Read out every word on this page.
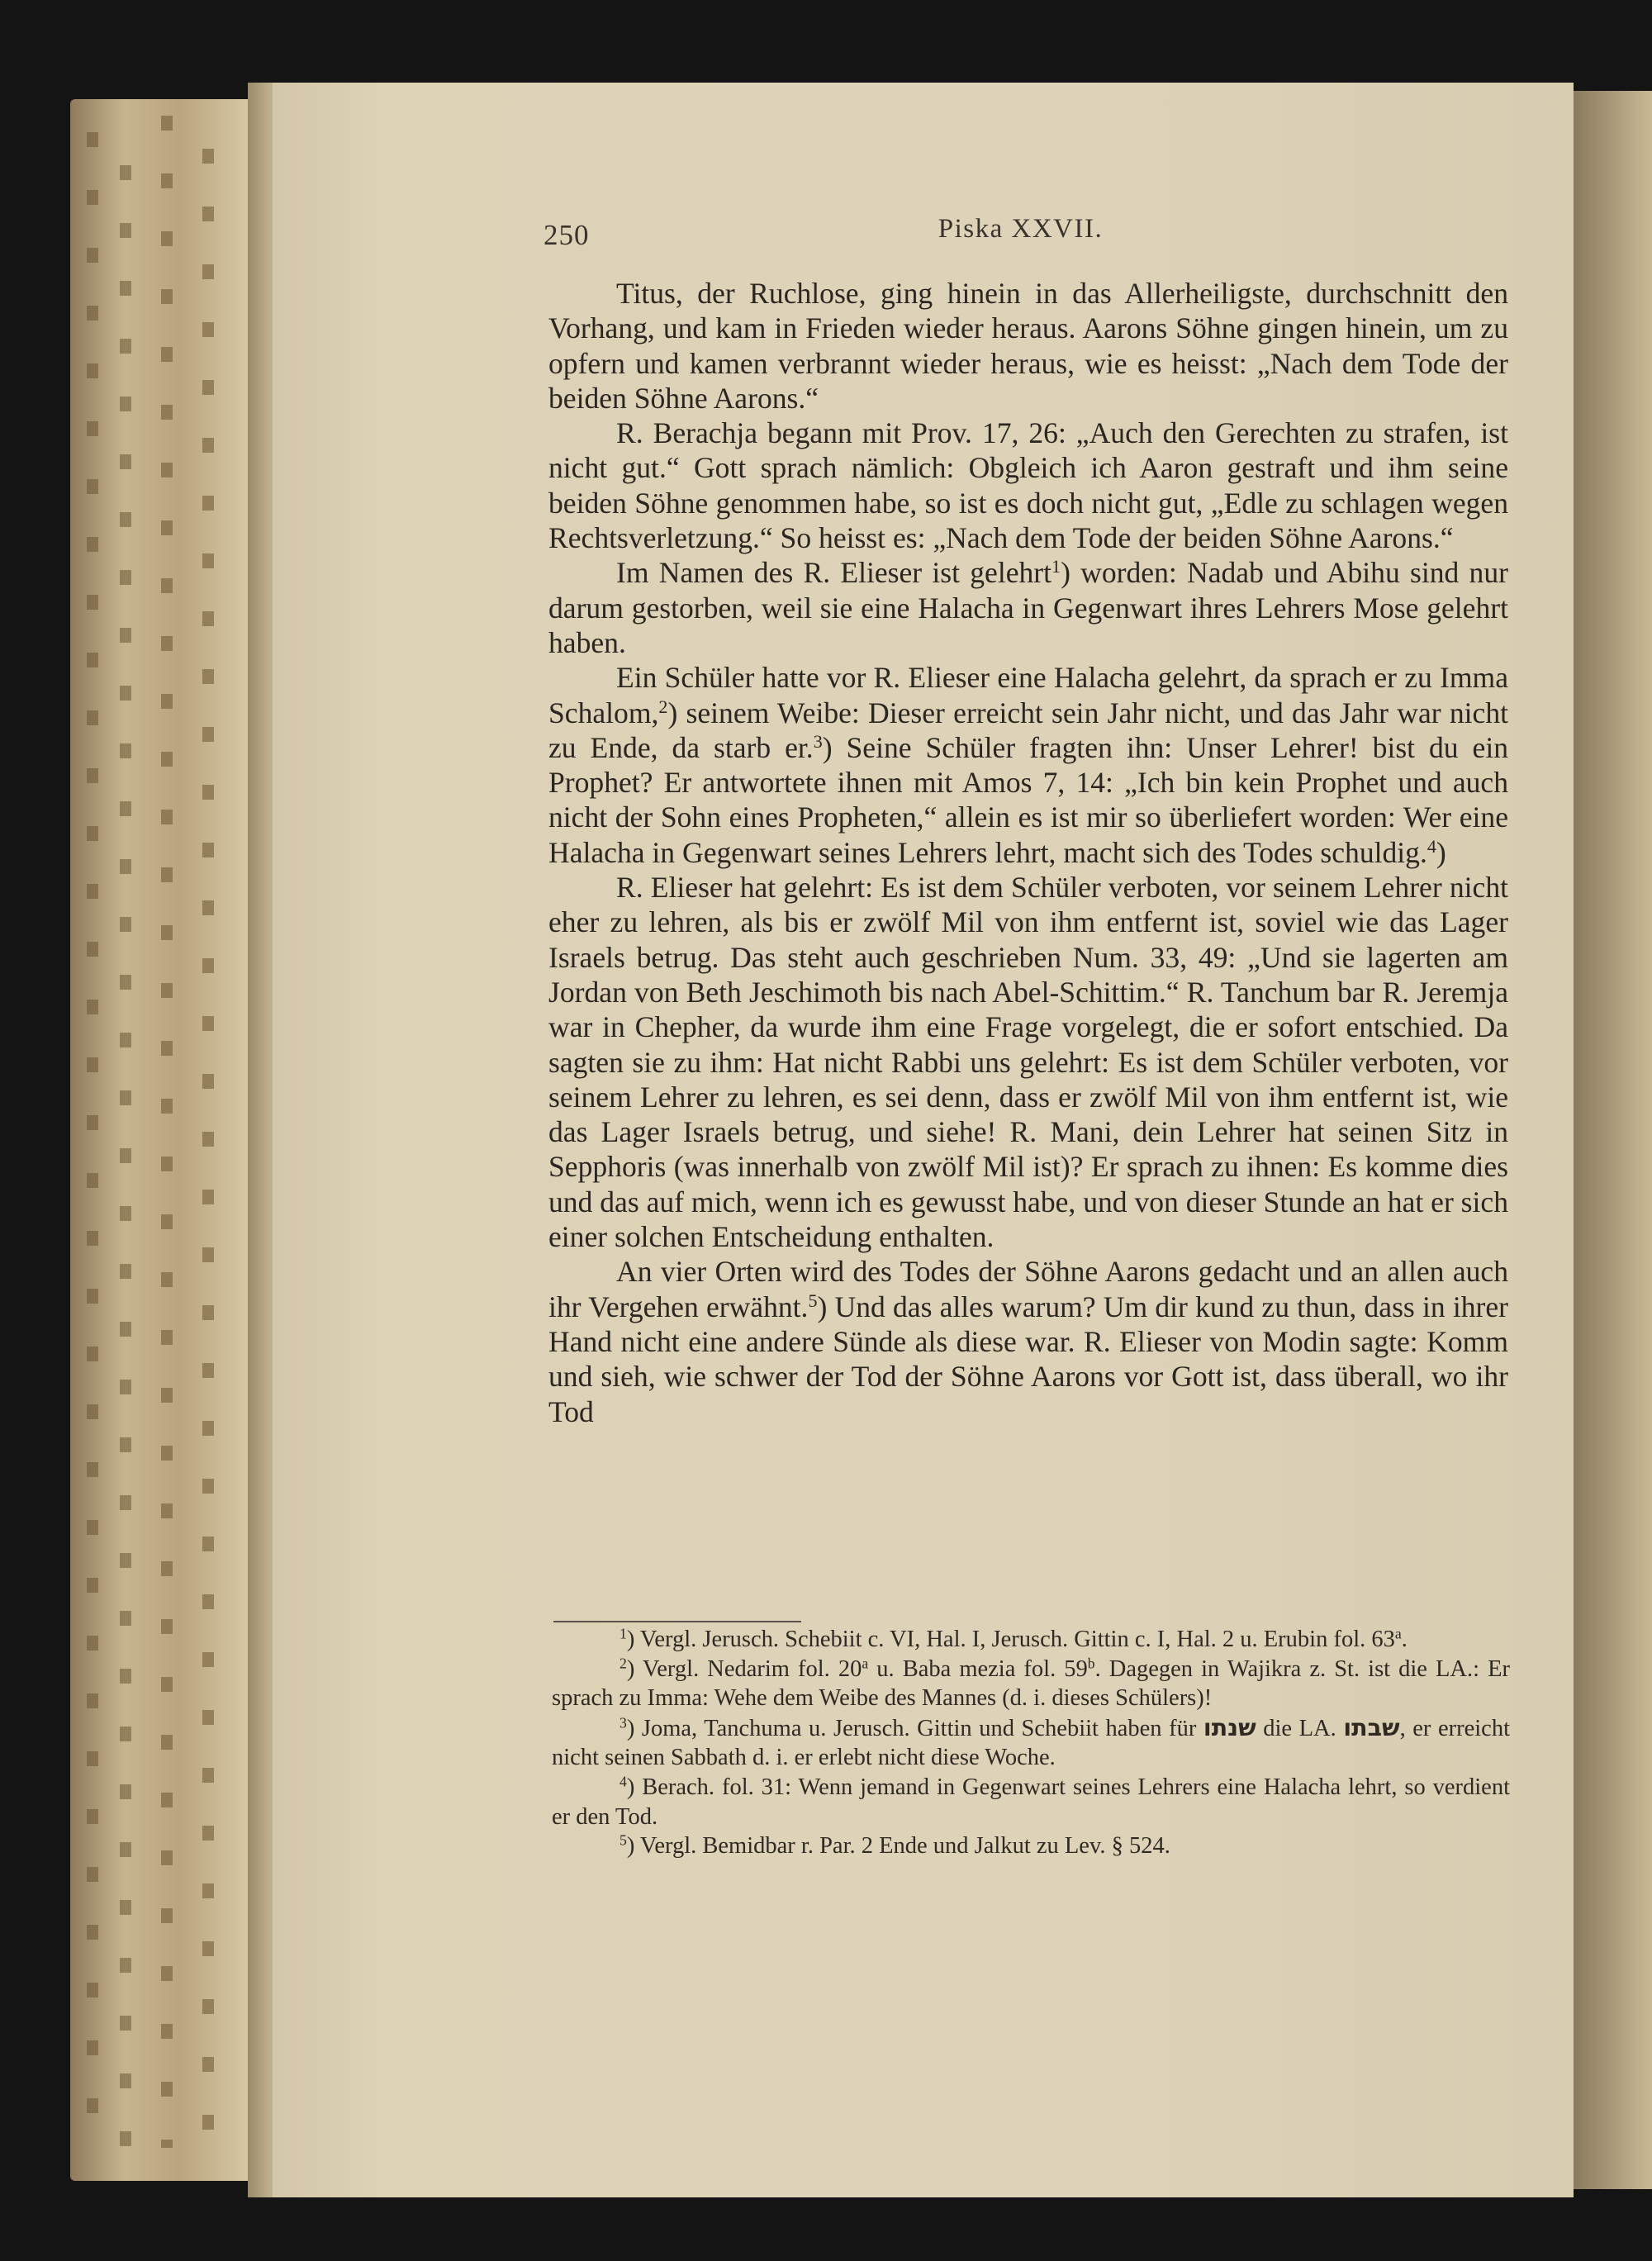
250	Piska XXVII.

Titus, der Ruchlose, ging hinein in das Allerheiligste, durchschnitt den Vorhang, und kam in Frieden wieder heraus. Aarons Söhne gingen hinein, um zu opfern und kamen verbrannt wieder heraus, wie es heisst: „Nach dem Tode der beiden Söhne Aarons.“

R. Berachja begann mit Prov. 17, 26: „Auch den Gerechten zu strafen, ist nicht gut.“ Gott sprach nämlich: Obgleich ich Aaron gestraft und ihm seine beiden Söhne genommen habe, so ist es doch nicht gut, „Edle zu schlagen wegen Rechtsverletzung.“ So heisst es: „Nach dem Tode der beiden Söhne Aarons.“

Im Namen des R. Elieser ist gelehrt$^1$) worden: Nadab und Abihu sind nur darum gestorben, weil sie eine Halacha in Gegenwart ihres Lehrers Mose gelehrt haben.

Ein Schüler hatte vor R. Elieser eine Halacha gelehrt, da sprach er zu Imma Schalom,$^2$) seinem Weibe: Dieser erreicht sein Jahr nicht, und das Jahr war nicht zu Ende, da starb er.$^3$) Seine Schüler fragten ihn: Unser Lehrer! bist du ein Prophet? Er antwortete ihnen mit Amos 7, 14: „Ich bin kein Prophet und auch nicht der Sohn eines Propheten,“ allein es ist mir so überliefert worden: Wer eine Halacha in Gegenwart seines Lehrers lehrt, macht sich des Todes schuldig.$^4$)

R. Elieser hat gelehrt: Es ist dem Schüler verboten, vor seinem Lehrer nicht eher zu lehren, als bis er zwölf Mil von ihm entfernt ist, soviel wie das Lager Israels betrug. Das steht auch geschrieben Num. 33, 49: „Und sie lagerten am Jordan von Beth Jeschimoth bis nach Abel-Schittim.“ R. Tanchum bar R. Jeremja war in Chepher, da wurde ihm eine Frage vorgelegt, die er sofort entschied. Da sagten sie zu ihm: Hat nicht Rabbi uns gelehrt: Es ist dem Schüler verboten, vor seinem Lehrer zu lehren, es sei denn, dass er zwölf Mil von ihm entfernt ist, wie das Lager Israels betrug, und siehe! R. Mani, dein Lehrer hat seinen Sitz in Sepphoris (was innerhalb von zwölf Mil ist)? Er sprach zu ihnen: Es komme dies und das auf mich, wenn ich es gewusst habe, und von dieser Stunde an hat er sich einer solchen Entscheidung enthalten.

An vier Orten wird des Todes der Söhne Aarons gedacht und an allen auch ihr Vergehen erwähnt.$^5$) Und das alles warum? Um dir kund zu thun, dass in ihrer Hand nicht eine andere Sünde als diese war. R. Elieser von Modin sagte: Komm und sieh, wie schwer der Tod der Söhne Aarons vor Gott ist, dass überall, wo ihr Tod

$^1$) Vergl. Jerusch. Schebiit c. VI, Hal. I, Jerusch. Gittin c. I, Hal. 2 u. Erubin fol. 63$^a$.

$^2$) Vergl. Nedarim fol. 20$^a$ u. Baba mezia fol. 59$^b$. Dagegen in Wajikra z. St. ist die LA.: Er sprach zu Imma: Wehe dem Weibe des Mannes (d. i. dieses Schülers)!

$^3$) Joma, Tanchuma u. Jerusch. Gittin und Schebiit haben für שנתו die LA. שבתו, er erreicht nicht seinen Sabbath d. i. er erlebt nicht diese Woche.

$^4$) Berach. fol. 31: Wenn jemand in Gegenwart seines Lehrers eine Halacha lehrt, so verdient er den Tod.

$^5$) Vergl. Bemidbar r. Par. 2 Ende und Jalkut zu Lev. § 524.
